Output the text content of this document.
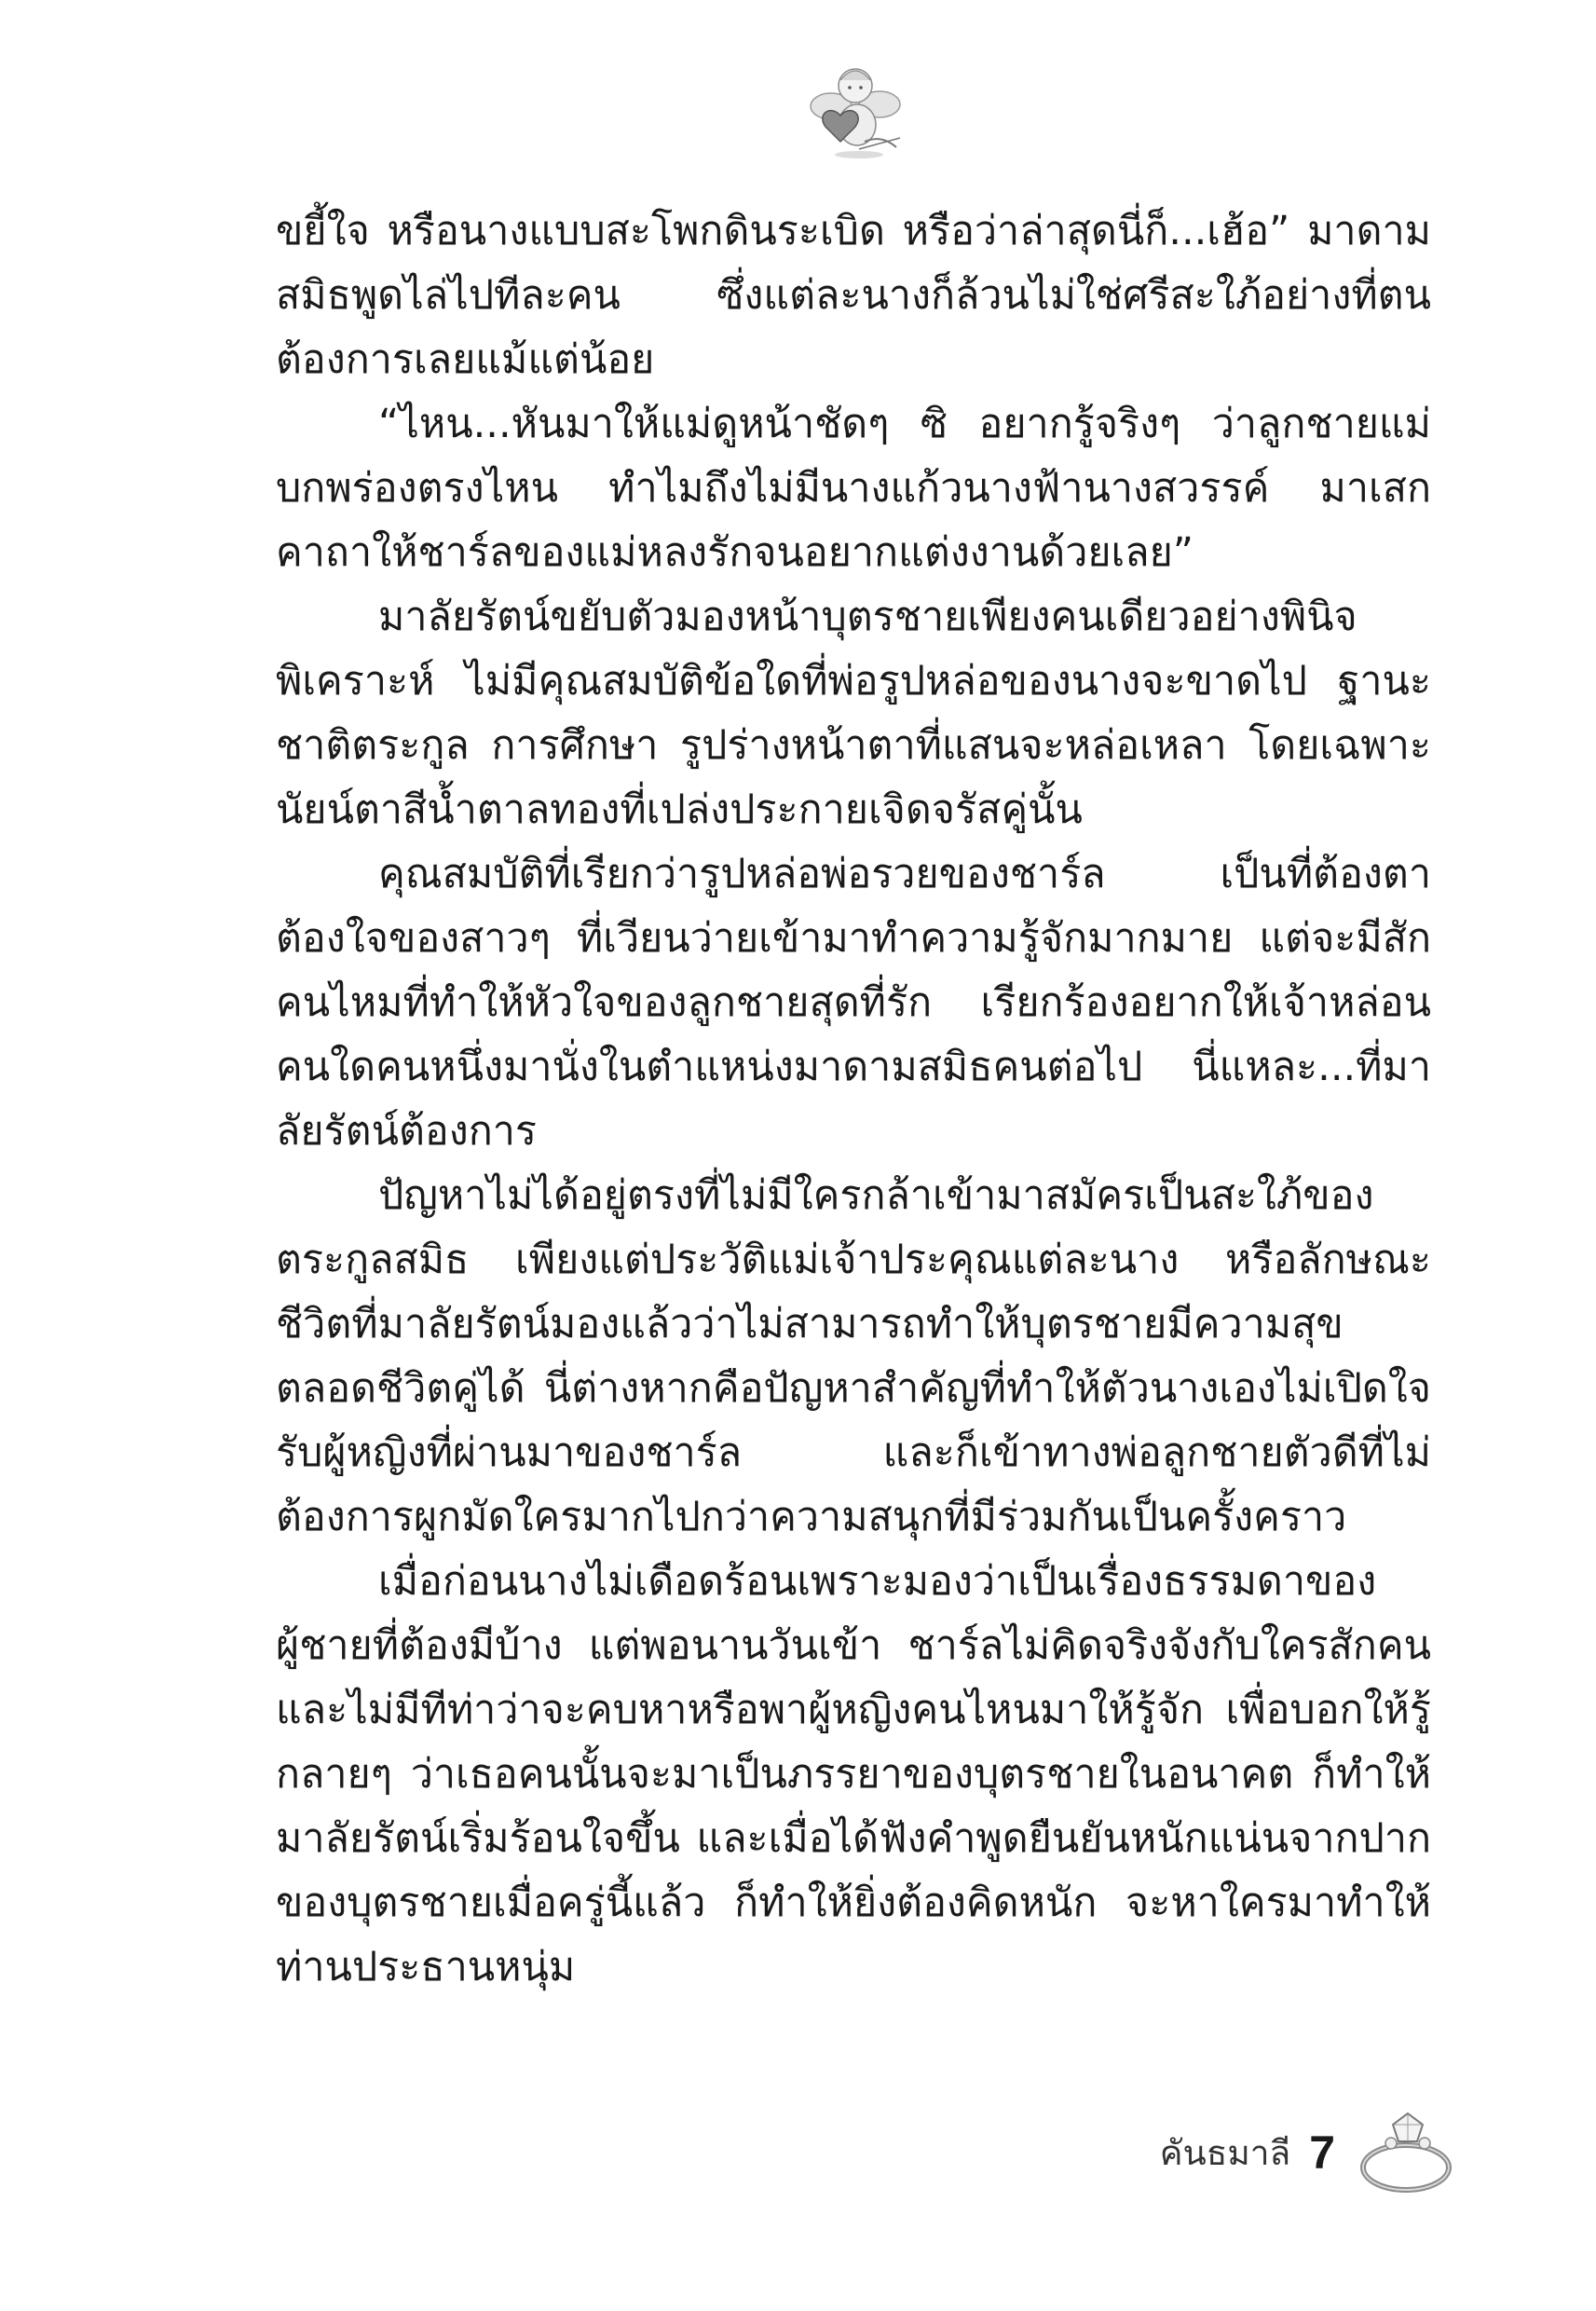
ขยี้ใจ หรือนางแบบสะโพกดินระเบิด หรือว่าล่าสุดนี่ก็...เฮ้อ” มาดามสมิธพูดไล่ไปทีละคน ซึ่งแต่ละนางก็ล้วนไม่ใช่ศรีสะใภ้อย่างที่ตนต้องการเลยแม้แต่น้อย

“ไหน...หันมาให้แม่ดูหน้าชัดๆ ซิ อยากรู้จริงๆ ว่าลูกชายแม่บกพร่องตรงไหน ทำไมถึงไม่มีนางแก้วนางฟ้านางสวรรค์ มาเสกคาถาให้ชาร์ลของแม่หลงรักจนอยากแต่งงานด้วยเลย”

มาลัยรัตน์ขยับตัวมองหน้าบุตรชายเพียงคนเดียวอย่างพินิจพิเคราะห์ ไม่มีคุณสมบัติข้อใดที่พ่อรูปหล่อของนางจะขาดไป ฐานะชาติตระกูล การศึกษา รูปร่างหน้าตาที่แสนจะหล่อเหลา โดยเฉพาะนัยน์ตาสีน้ำตาลทองที่เปล่งประกายเจิดจรัสคู่นั้น

คุณสมบัติที่เรียกว่ารูปหล่อพ่อรวยของชาร์ล เป็นที่ต้องตาต้องใจของสาวๆ ที่เวียนว่ายเข้ามาทำความรู้จักมากมาย แต่จะมีสักคนไหมที่ทำให้หัวใจของลูกชายสุดที่รัก เรียกร้องอยากให้เจ้าหล่อนคนใดคนหนึ่งมานั่งในตำแหน่งมาดามสมิธคนต่อไป นี่แหละ...ที่มาลัยรัตน์ต้องการ

ปัญหาไม่ได้อยู่ตรงที่ไม่มีใครกล้าเข้ามาสมัครเป็นสะใภ้ของตระกูลสมิธ เพียงแต่ประวัติแม่เจ้าประคุณแต่ละนาง หรือลักษณะชีวิตที่มาลัยรัตน์มองแล้วว่าไม่สามารถทำให้บุตรชายมีความสุขตลอดชีวิตคู่ได้ นี่ต่างหากคือปัญหาสำคัญที่ทำให้ตัวนางเองไม่เปิดใจรับผู้หญิงที่ผ่านมาของชาร์ล และก็เข้าทางพ่อลูกชายตัวดีที่ไม่ต้องการผูกมัดใครมากไปกว่าความสนุกที่มีร่วมกันเป็นครั้งคราว

เมื่อก่อนนางไม่เดือดร้อนเพราะมองว่าเป็นเรื่องธรรมดาของผู้ชายที่ต้องมีบ้าง แต่พอนานวันเข้า ชาร์ลไม่คิดจริงจังกับใครสักคน และไม่มีทีท่าว่าจะคบหาหรือพาผู้หญิงคนไหนมาให้รู้จัก เพื่อบอกให้รู้กลายๆ ว่าเธอคนนั้นจะมาเป็นภรรยาของบุตรชายในอนาคต ก็ทำให้มาลัยรัตน์เริ่มร้อนใจขึ้น และเมื่อได้ฟังคำพูดยืนยันหนักแน่นจากปากของบุตรชายเมื่อครู่นี้แล้ว ก็ทำให้ยิ่งต้องคิดหนัก จะหาใครมาทำให้ท่านประธานหนุ่ม

คันธมาลี 7
